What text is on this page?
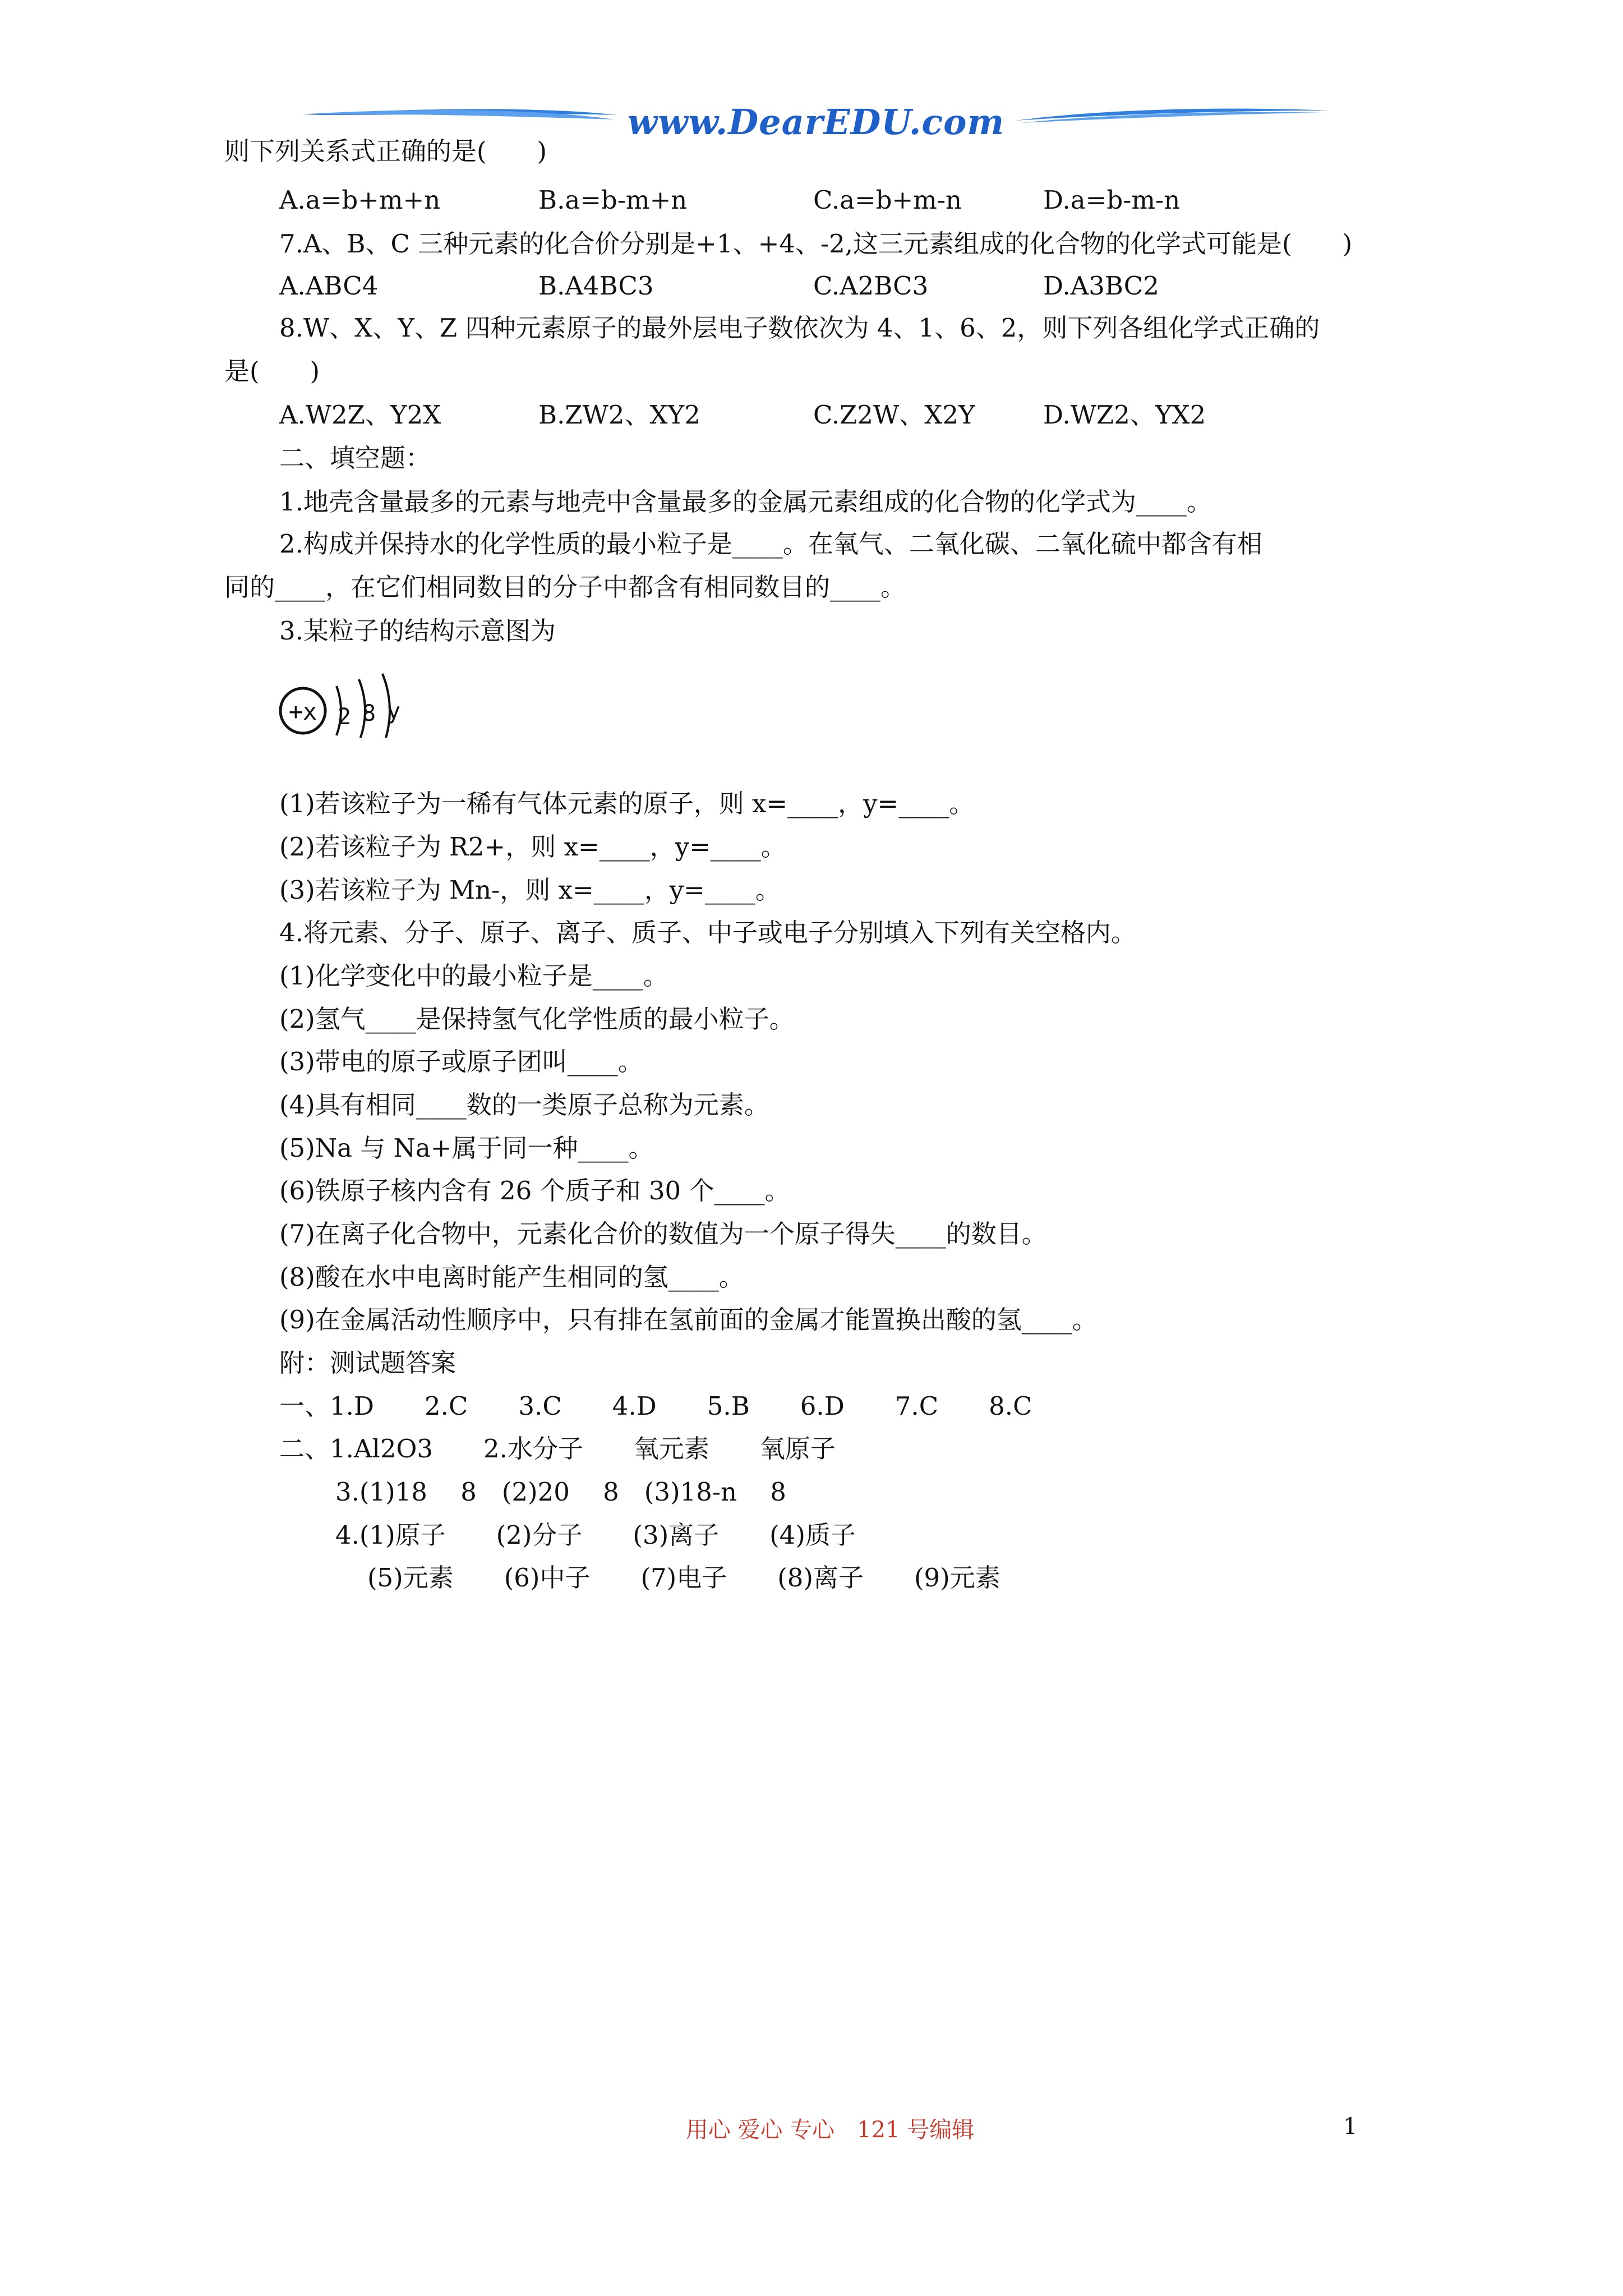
www.DearEDU.com
则下列关系式正确的是(　　)
A.a=b+m+n	B.a=b-m+n	C.a=b+m-n	D.a=b-m-n
7.A、B、C 三种元素的化合价分别是+1、+4、-2,这三元素组成的化合物的化学式可能是(　　)
A.ABC4	B.A4BC3	C.A2BC3	D.A3BC2
8.W、X、Y、Z 四种元素原子的最外层电子数依次为 4、1、6、2，则下列各组化学式正确的
是(　　)
A.W2Z、Y2X	B.ZW2、XY2	C.Z2W、X2Y	D.WZ2、YX2
二、填空题：
1.地壳含量最多的元素与地壳中含量最多的金属元素组成的化合物的化学式为____。
2.构成并保持水的化学性质的最小粒子是____。在氧气、二氧化碳、二氧化硫中都含有相
同的____，在它们相同数目的分子中都含有相同数目的____。
3.某粒子的结构示意图为
+x 2 8 y
(1)若该粒子为一稀有气体元素的原子，则 x=____，y=____。
(2)若该粒子为 R2+，则 x=____，y=____。
(3)若该粒子为 Mn-，则 x=____，y=____。
4.将元素、分子、原子、离子、质子、中子或电子分别填入下列有关空格内。
(1)化学变化中的最小粒子是____。
(2)氢气____是保持氢气化学性质的最小粒子。
(3)带电的原子或原子团叫____。
(4)具有相同____数的一类原子总称为元素。
(5)Na 与 Na+属于同一种____。
(6)铁原子核内含有 26 个质子和 30 个____。
(7)在离子化合物中，元素化合价的数值为一个原子得失____的数目。
(8)酸在水中电离时能产生相同的氢____。
(9)在金属活动性顺序中，只有排在氢前面的金属才能置换出酸的氢____。
附：测试题答案
一、1.D　　2.C　　3.C　　4.D　　5.B　　6.D　　7.C　　8.C
二、1.Al2O3　　2.水分子　　氧元素　　氧原子
3.(1)18　 8　(2)20　 8　(3)18-n　 8
4.(1)原子　　(2)分子　　(3)离子　　(4)质子
(5)元素　　(6)中子　　(7)电子　　(8)离子　　(9)元素
用心 爱心 专心　121 号编辑	1
